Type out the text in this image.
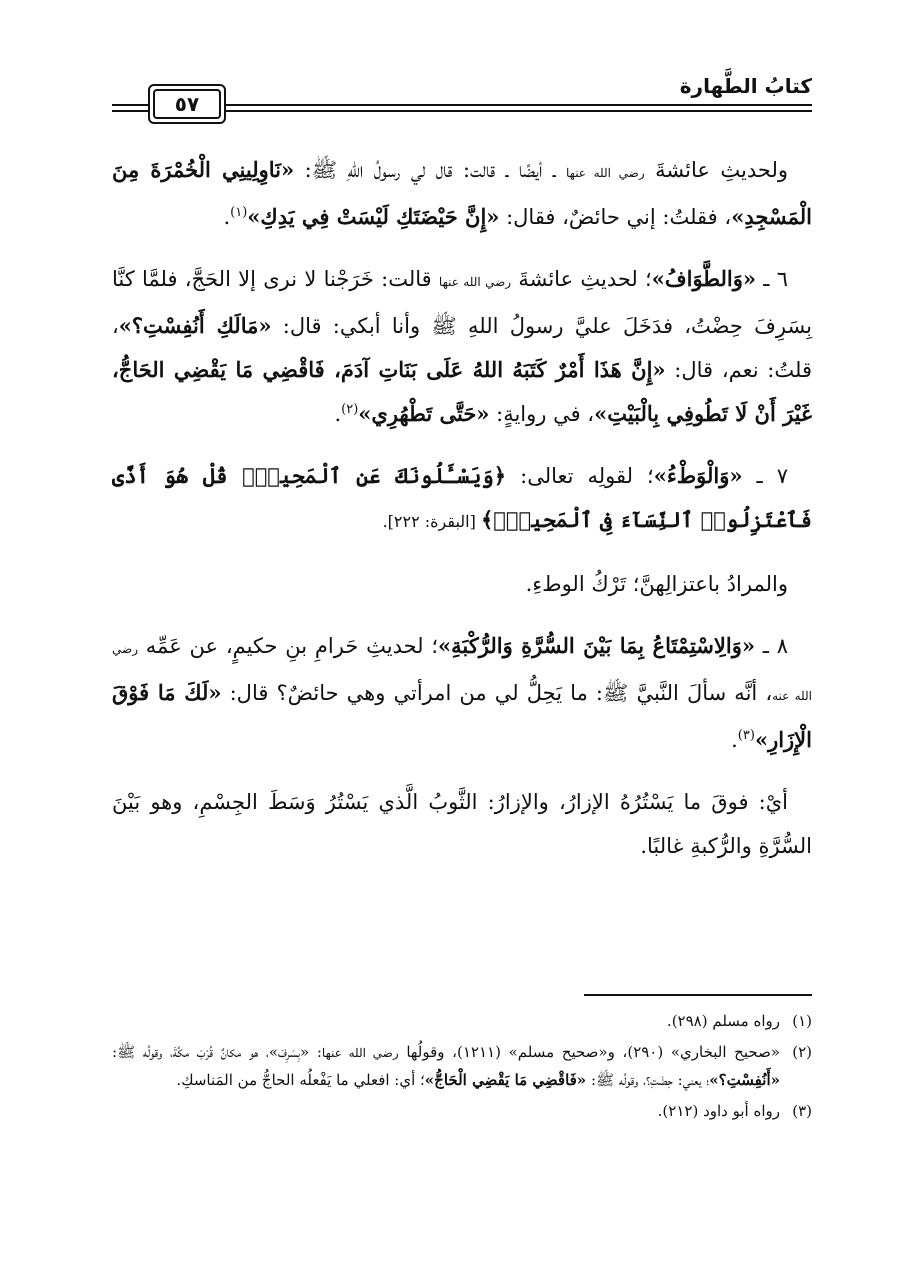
كتابُ الطَّهارة
٥٧

ولحديثِ عائشةَ رضي الله عنها ـ أيضًا ـ قالت: قال لي رسولُ اللهِ ﷺ: «نَاوِلِينِي الْخُمْرَةَ مِنَ الْمَسْجِدِ»، فقلتُ: إني حائضٌ، فقال: «إِنَّ حَيْضَتَكِ لَيْسَتْ فِي يَدِكِ»$^{(١)}$.

٦ ـ «وَالطَّوَافُ»؛ لحديثِ عائشةَ رضي الله عنها قالت: خَرَجْنا لا نرى إلا الحَجَّ، فلمَّا كنَّا بِسَرِفَ حِضْتُ، فدَخَلَ عليَّ رسولُ اللهِ ﷺ وأنا أبكي: قال: «مَالَكِ أَنُفِسْتِ؟»، قلتُ: نعم، قال: «إِنَّ هَذَا أَمْرٌ كَتَبَهُ اللهُ عَلَى بَنَاتِ آدَمَ، فَاقْضِي مَا يَقْضِي الحَاجُّ، غَيْرَ أَنْ لَا تَطُوفِي بِالْبَيْتِ»، في روايةٍ: «حَتَّى تَطْهُرِي»$^{(٢)}$.

٧ ـ «وَالْوَطْءُ»؛ لقولِه تعالى: ﴿وَيَسْـَٔلُونَكَ عَنِ ٱلْمَحِيضِۖ قُلْ هُوَ أَذًى فَٱعْتَزِلُوا۟ ٱلنِّسَآءَ فِى ٱلْمَحِيضِۖ﴾ [البقرة: ٢٢٢].

والمرادُ باعتزالِهنَّ؛ تَرْكُ الوطءِ.

٨ ـ «وَالِاسْتِمْتَاعُ بِمَا بَيْنَ السُّرَّةِ وَالرُّكْبَةِ»؛ لحديثِ حَرامِ بنِ حكيمٍ، عن عَمِّه رضي الله عنه، أنَّه سألَ النَّبيَّ ﷺ: ما يَحِلُّ لي من امرأتي وهي حائضٌ؟ قال: «لَكَ مَا فَوْقَ الْإِزَارِ»$^{(٣)}$.

أيْ: فوقَ ما يَسْتُرُهُ الإزارُ، والإزارُ: الثَّوبُ الَّذي يَسْتُرُ وَسَطَ الجِسْمِ، وهو بَيْنَ السُّرَّةِ والرُّكبةِ غالبًا.

(١)
رواه مسلم (٢٩٨).
(٢)
«صحيح البخاري» (٢٩٠)، و«صحيح مسلم» (١٢١١)، وقولُها رضي الله عنها: «بِسَرِفَ»، هو مكانٌ قُرْبَ مكَّةَ، وقولُه ﷺ: «أَنُفِسْتِ؟»؛ يعني: حِضْتِ؟، وقولُه ﷺ: «فَاقْضِي مَا يَقْضِي الْحَاجُّ»؛ أي: افعلي ما يَفْعلُه الحاجُّ من المَناسكِ.
(٣)
رواه أبو داود (٢١٢).
